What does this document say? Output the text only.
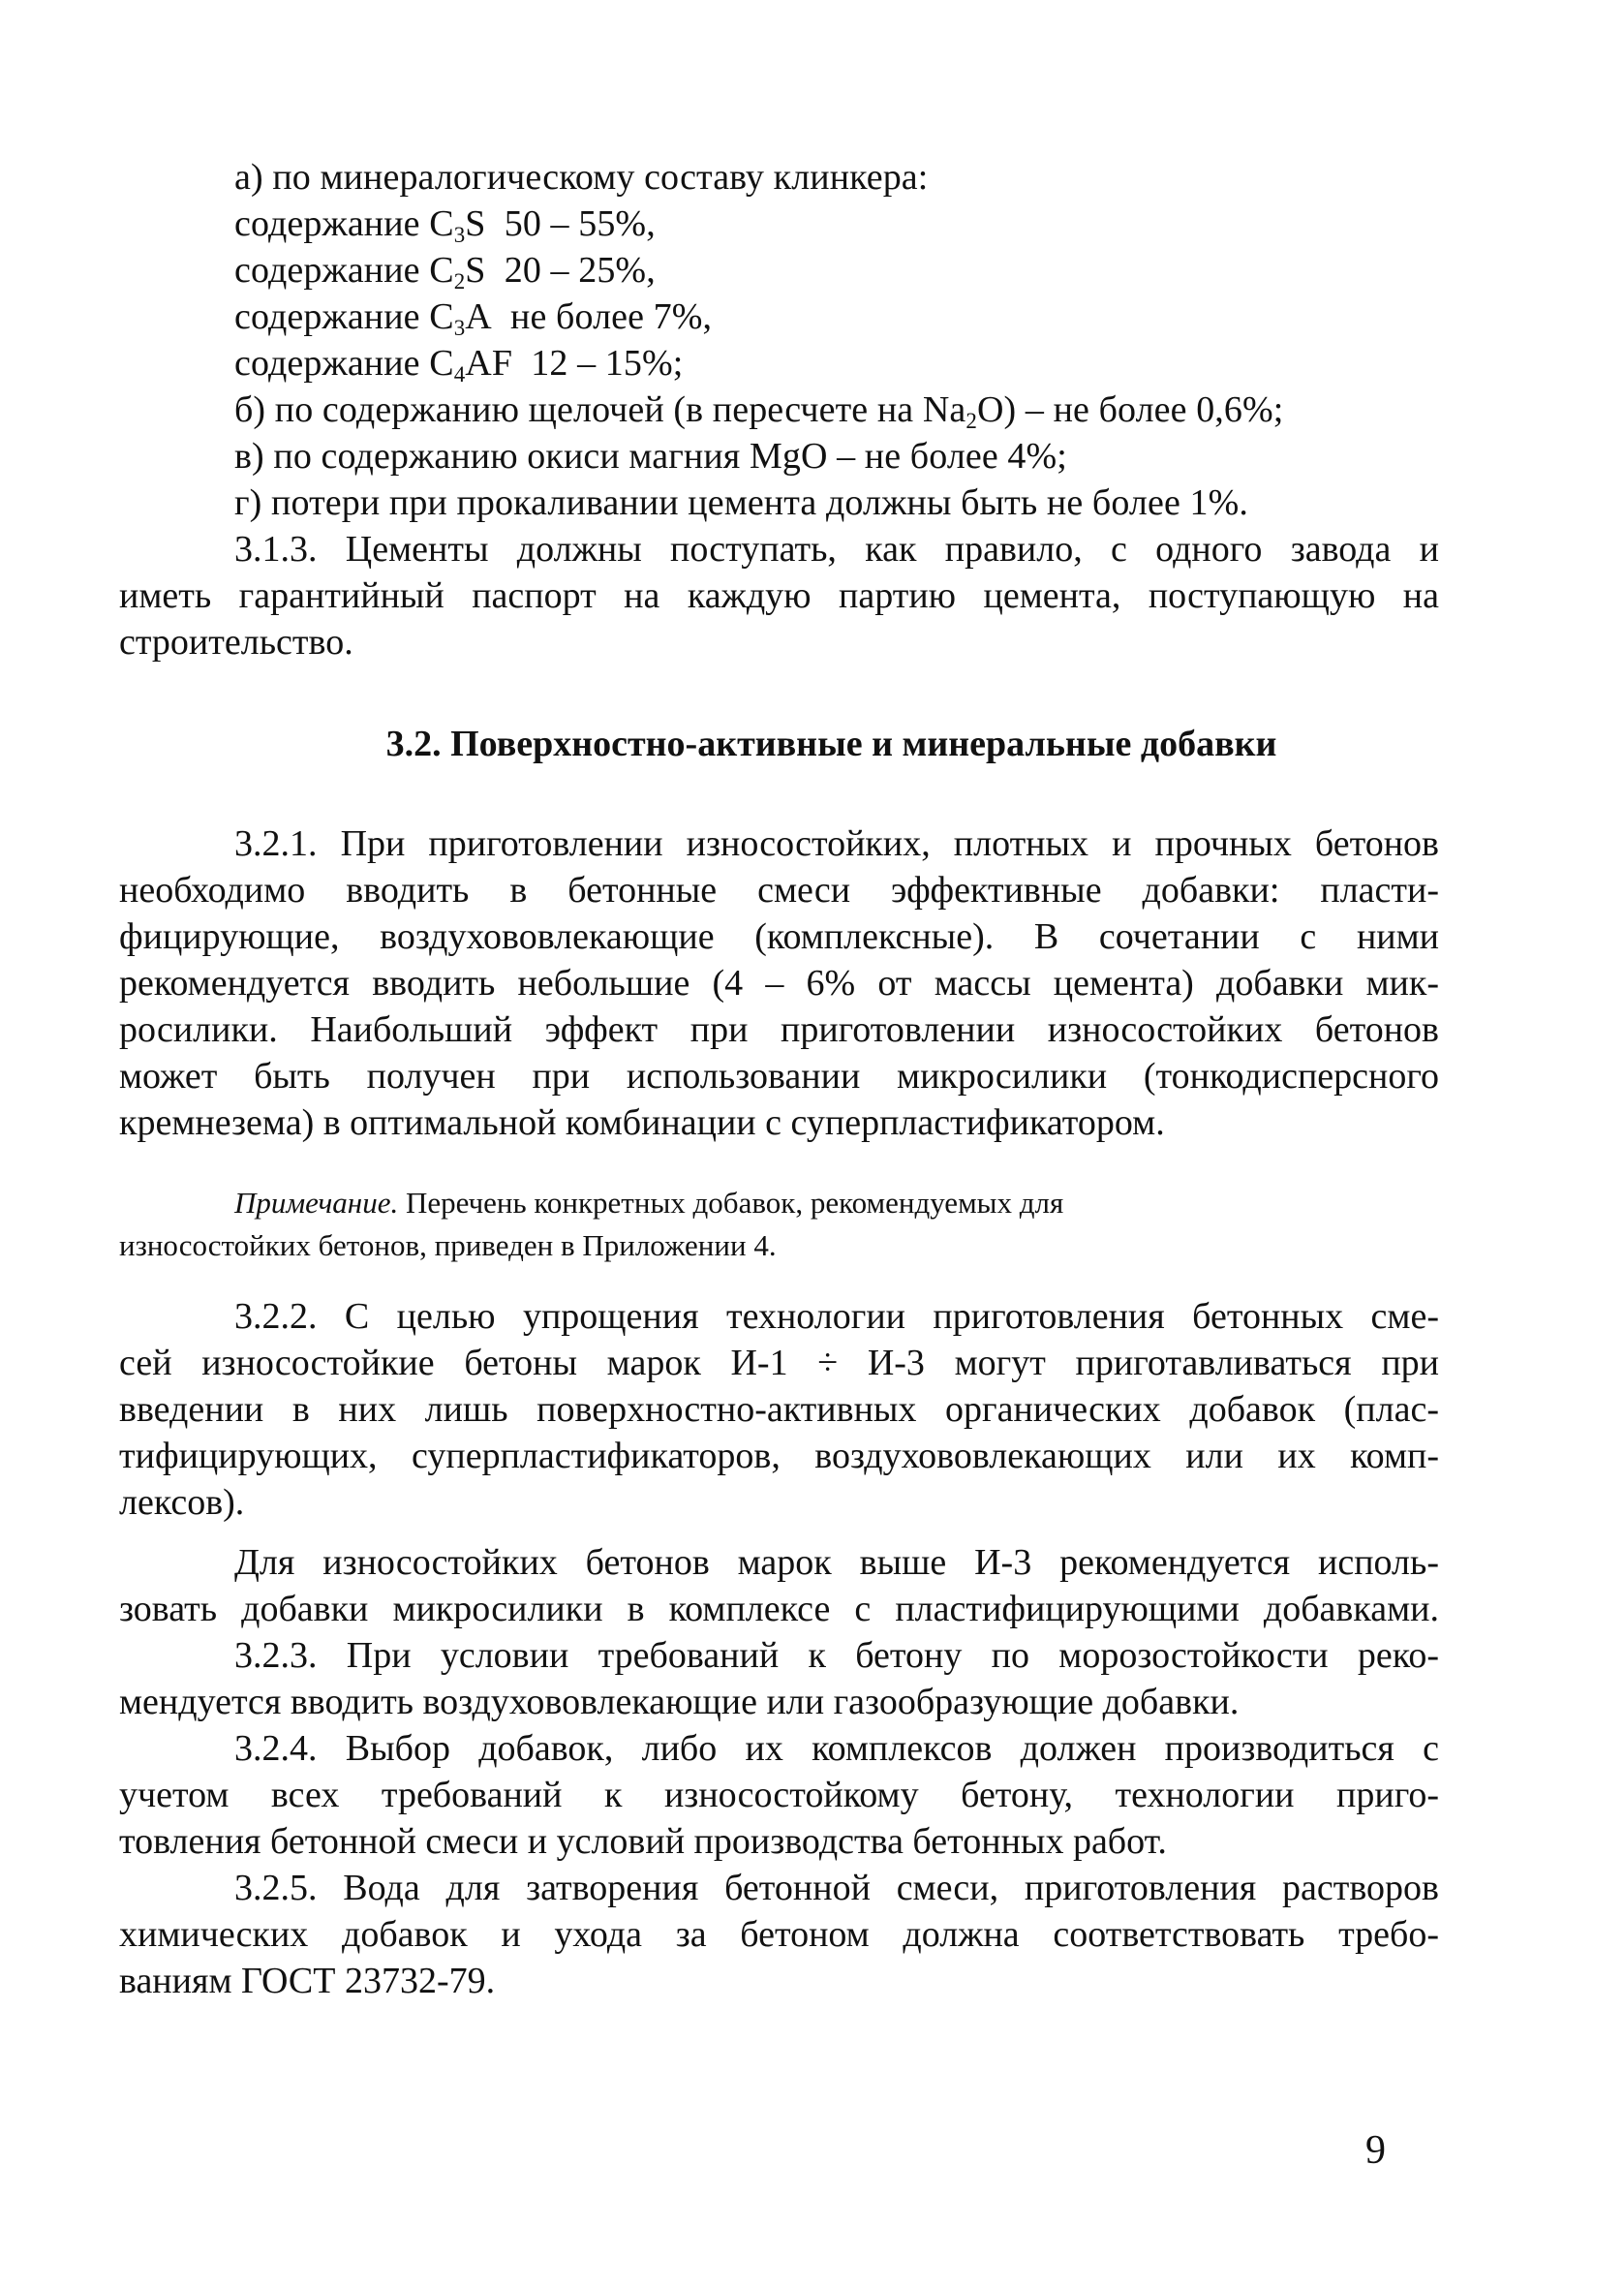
а) по минералогическому составу клинкера:
содержание $C_3S$ 50 – 55%,
содержание $C_2S$ 20 – 25%,
содержание $C_3A$ не более 7%,
содержание $C_4AF$ 12 – 15%;
б) по содержанию щелочей (в пересчете на $Na_2O$) – не более 0,6%;
в) по содержанию окиси магния MgO – не более 4%;
г) потери при прокаливании цемента должны быть не более 1%.
3.1.3. Цементы должны поступать, как правило, с одного завода и
иметь гарантийный паспорт на каждую партию цемента, поступающую на
строительство.
3.2. Поверхностно-активные и минеральные добавки
3.2.1. При приготовлении износостойких, плотных и прочных бетонов
необходимо вводить в бетонные смеси эффективные добавки: пласти-
фицирующие, воздухововлекающие (комплексные). В сочетании с ними
рекомендуется вводить небольшие (4 – 6% от массы цемента) добавки мик-
росилики. Наибольший эффект при приготовлении износостойких бетонов
может быть получен при использовании микросилики (тонкодисперсного
кремнезема) в оптимальной комбинации с суперпластификатором.
Примечание. Перечень конкретных добавок, рекомендуемых для
износостойких бетонов, приведен в Приложении 4.
3.2.2. С целью упрощения технологии приготовления бетонных сме-
сей износостойкие бетоны марок И-1 ÷ И-3 могут приготавливаться при
введении в них лишь поверхностно-активных органических добавок (плас-
тифицирующих, суперпластификаторов, воздухововлекающих или их комп-
лексов).
Для износостойких бетонов марок выше И-3 рекомендуется исполь-
зовать добавки микросилики в комплексе с пластифицирующими добавками.
3.2.3. При условии требований к бетону по морозостойкости реко-
мендуется вводить воздухововлекающие или газообразующие добавки.
3.2.4. Выбор добавок, либо их комплексов должен производиться с
учетом всех требований к износостойкому бетону, технологии приго-
товления бетонной смеси и условий производства бетонных работ.
3.2.5. Вода для затворения бетонной смеси, приготовления растворов
химических добавок и ухода за бетоном должна соответствовать требо-
ваниям ГОСТ 23732-79.
9
